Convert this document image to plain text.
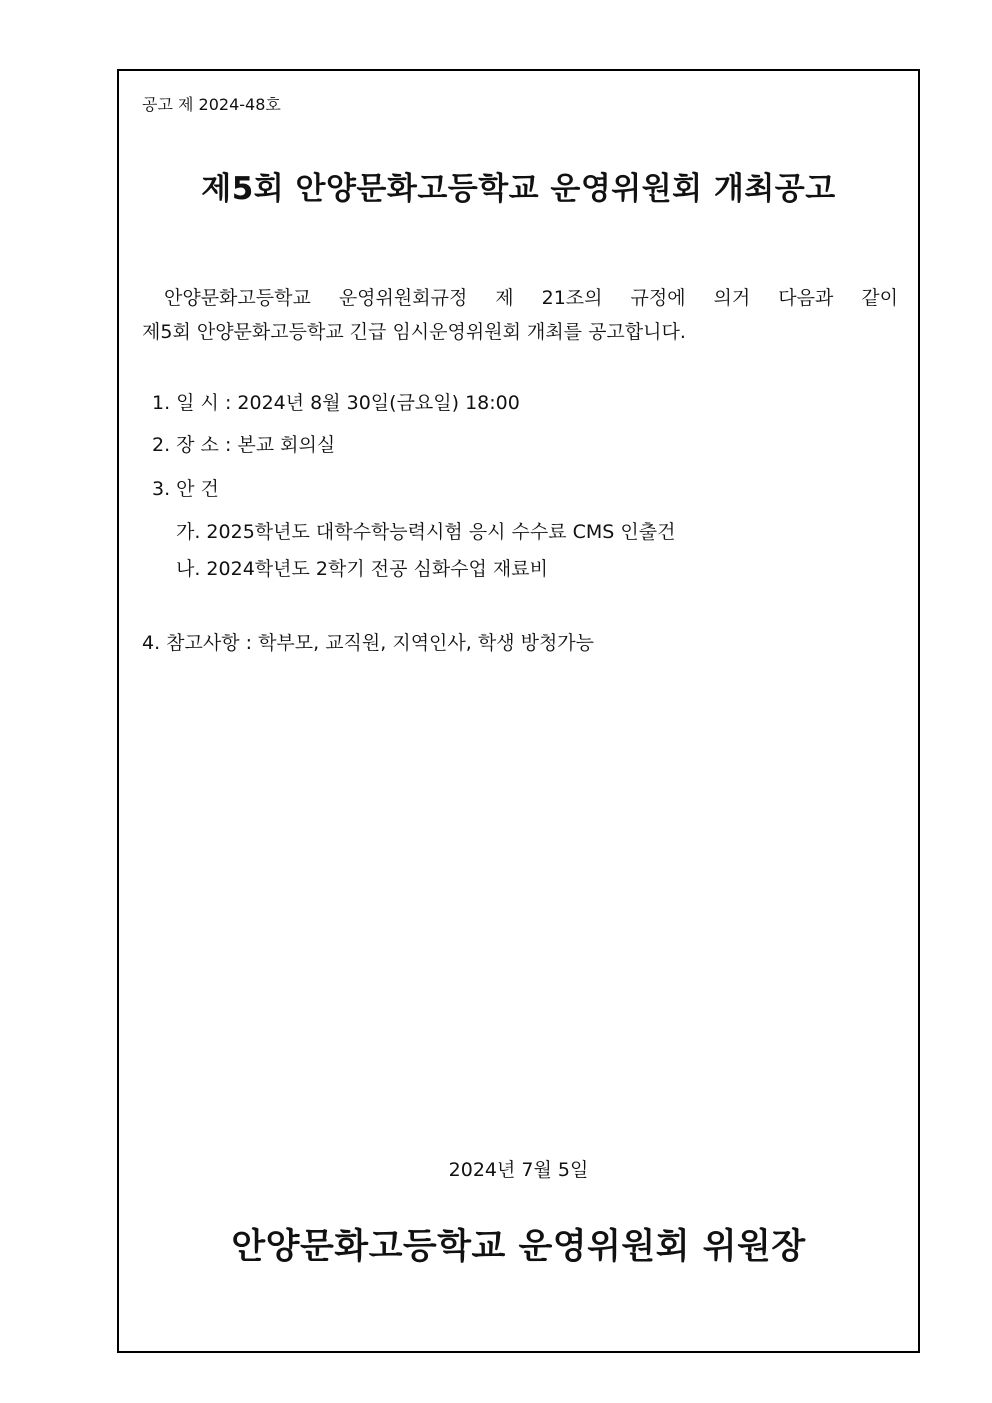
공고 제 2024-48호
제5회 안양문화고등학교 운영위원회 개최공고
안양문화고등학교 운영위원회규정 제 21조의 규정에 의거 다음과 같이
제5회 안양문화고등학교 긴급 임시운영위원회 개최를 공고합니다.
1. 일 시 : 2024년 8월 30일(금요일) 18:00
2. 장 소 : 본교 회의실
3. 안 건
가. 2025학년도 대학수학능력시험 응시 수수료 CMS 인출건
나. 2024학년도 2학기 전공 심화수업 재료비
4. 참고사항 : 학부모, 교직원, 지역인사, 학생 방청가능
2024년 7월 5일
안양문화고등학교 운영위원회 위원장
